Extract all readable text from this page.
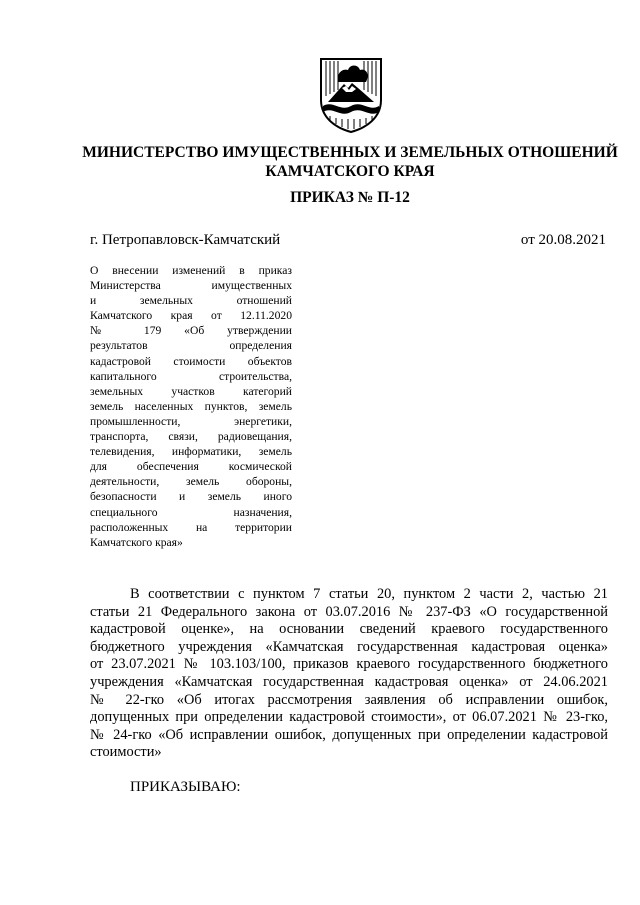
МИНИСТЕРСТВО ИМУЩЕСТВЕННЫХ И ЗЕМЕЛЬНЫХ ОТНОШЕНИЙ
КАМЧАТСКОГО КРАЯ
ПРИКАЗ № П-12
г. Петропавловск-Камчатский	от 20.08.2021
О внесении изменений в приказ
Министерства имущественных
и земельных отношений
Камчатского края от 12.11.2020
№ 179 «Об утверждении
результатов определения
кадастровой стоимости объектов
капитального строительства,
земельных участков категорий
земель населенных пунктов, земель
промышленности, энергетики,
транспорта, связи, радиовещания,
телевидения, информатики, земель
для обеспечения космической
деятельности, земель обороны,
безопасности и земель иного
специального назначения,
расположенных на территории
Камчатского края»
В соответствии с пунктом 7 статьи 20, пунктом 2 части 2, частью 21
статьи 21 Федерального закона от 03.07.2016 № 237-ФЗ «О государственной
кадастровой оценке», на основании сведений краевого государственного
бюджетного учреждения «Камчатская государственная кадастровая оценка»
от 23.07.2021 № 103.103/100, приказов краевого государственного бюджетного
учреждения «Камчатская государственная кадастровая оценка» от 24.06.2021
№ 22-гко «Об итогах рассмотрения заявления об исправлении ошибок,
допущенных при определении кадастровой стоимости», от 06.07.2021 № 23-гко,
№ 24-гко «Об исправлении ошибок, допущенных при определении кадастровой
стоимости»
ПРИКАЗЫВАЮ:
